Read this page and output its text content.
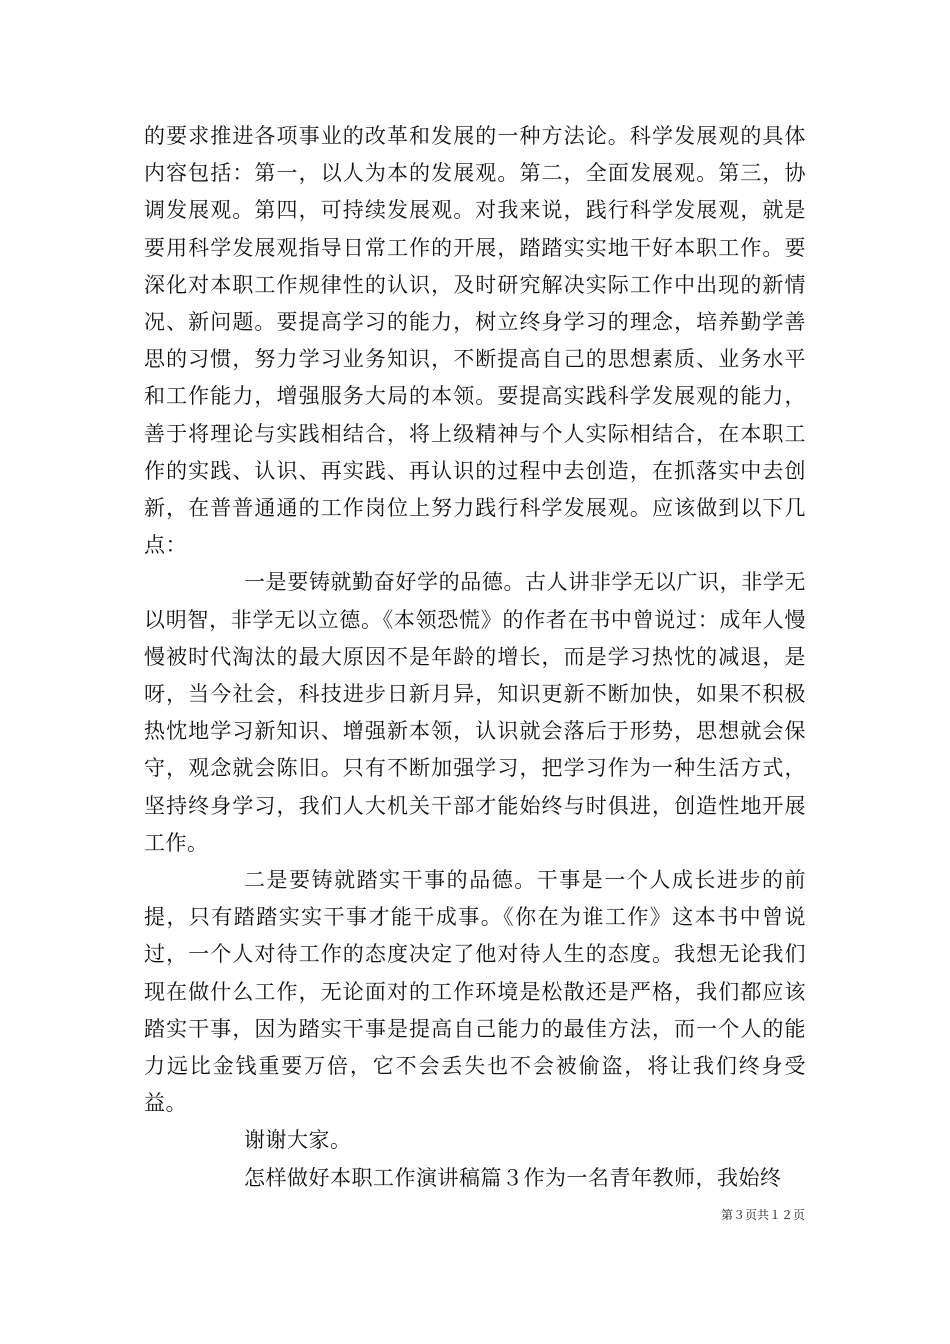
的要求推进各项事业的改革和发展的一种方法论。科学发展观的具体内容包括：第一，以人为本的发展观。第二，全面发展观。第三，协调发展观。第四，可持续发展观。对我来说，践行科学发展观，就是要用科学发展观指导日常工作的开展，踏踏实实地干好本职工作。要深化对本职工作规律性的认识，及时研究解决实际工作中出现的新情况、新问题。要提高学习的能力，树立终身学习的理念，培养勤学善思的习惯，努力学习业务知识，不断提高自己的思想素质、业务水平和工作能力，增强服务大局的本领。要提高实践科学发展观的能力，善于将理论与实践相结合，将上级精神与个人实际相结合，在本职工作的实践、认识、再实践、再认识的过程中去创造，在抓落实中去创新，在普普通通的工作岗位上努力践行科学发展观。应该做到以下几点：

一是要铸就勤奋好学的品德。古人讲非学无以广识，非学无以明智，非学无以立德。《本领恐慌》的作者在书中曾说过：成年人慢慢被时代淘汰的最大原因不是年龄的增长，而是学习热忱的减退，是呀，当今社会，科技进步日新月异，知识更新不断加快，如果不积极热忱地学习新知识、增强新本领，认识就会落后于形势，思想就会保守，观念就会陈旧。只有不断加强学习，把学习作为一种生活方式，坚持终身学习，我们人大机关干部才能始终与时俱进，创造性地开展工作。

二是要铸就踏实干事的品德。干事是一个人成长进步的前提，只有踏踏实实干事才能干成事。《你在为谁工作》这本书中曾说过，一个人对待工作的态度决定了他对待人生的态度。我想无论我们现在做什么工作，无论面对的工作环境是松散还是严格，我们都应该踏实干事，因为踏实干事是提高自己能力的最佳方法，而一个人的能力远比金钱重要万倍，它不会丢失也不会被偷盗，将让我们终身受益。

谢谢大家。

怎样做好本职工作演讲稿篇３作为一名青年教师，我始终

第３页共１２页
